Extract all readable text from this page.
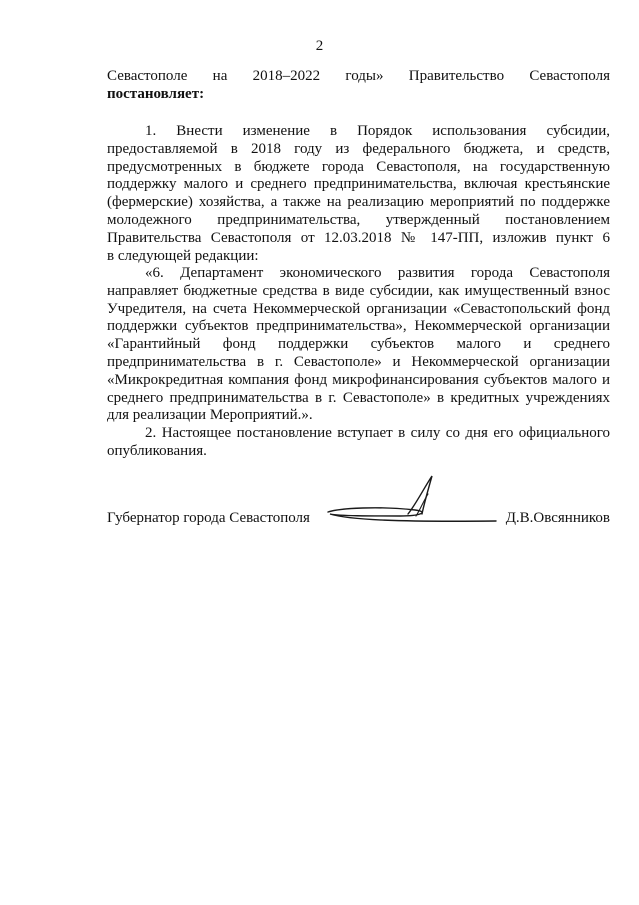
2
Севастополе на 2018–2022 годы» Правительство Севастополя
постановляет:
1. Внести изменение в Порядок использования субсидии,
предоставляемой в 2018 году из федерального бюджета, и средств,
предусмотренных в бюджете города Севастополя, на государственную
поддержку малого и среднего предпринимательства, включая крестьянские
(фермерские) хозяйства, а также на реализацию мероприятий по поддержке
молодежного предпринимательства, утвержденный постановлением
Правительства Севастополя от 12.03.2018 № 147-ПП, изложив пункт 6
в следующей редакции:
«6. Департамент экономического развития города Севастополя
направляет бюджетные средства в виде субсидии, как имущественный взнос
Учредителя, на счета Некоммерческой организации «Севастопольский фонд
поддержки субъектов предпринимательства», Некоммерческой организации
«Гарантийный фонд поддержки субъектов малого и среднего
предпринимательства в г. Севастополе» и Некоммерческой организации
«Микрокредитная компания фонд микрофинансирования субъектов малого и
среднего предпринимательства в г. Севастополе» в кредитных учреждениях
для реализации Мероприятий.».
2. Настоящее постановление вступает в силу со дня его официального
опубликования.
Губернатор города Севастополя	Д.В.Овсянников
